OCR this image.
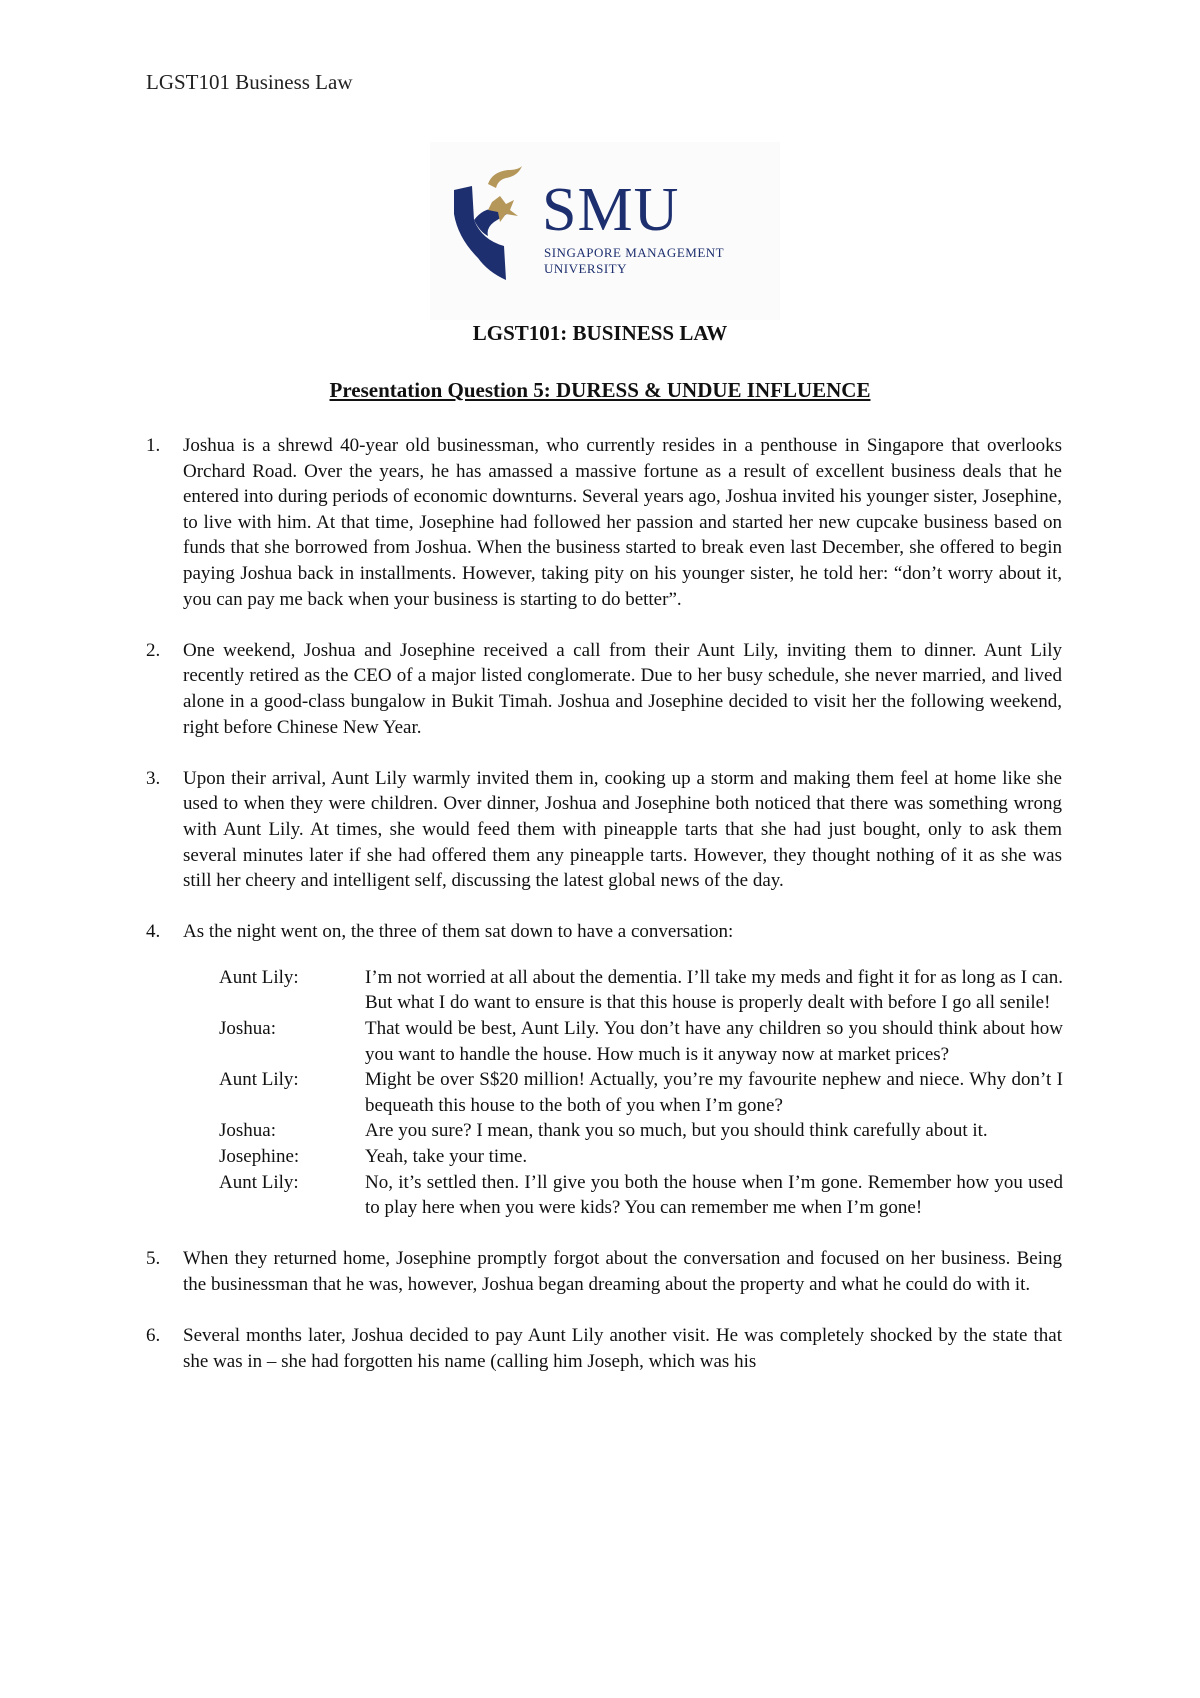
LGST101 Business Law
SMU
SINGAPORE MANAGEMENT
UNIVERSITY
LGST101: BUSINESS LAW
Presentation Question 5: DURESS & UNDUE INFLUENCE
1. Joshua is a shrewd 40-year old businessman, who currently resides in a penthouse in Singapore that overlooks Orchard Road. Over the years, he has amassed a massive fortune as a result of excellent business deals that he entered into during periods of economic downturns. Several years ago, Joshua invited his younger sister, Josephine, to live with him. At that time, Josephine had followed her passion and started her new cupcake business based on funds that she borrowed from Joshua. When the business started to break even last December, she offered to begin paying Joshua back in installments. However, taking pity on his younger sister, he told her: “don’t worry about it, you can pay me back when your business is starting to do better”.
2. One weekend, Joshua and Josephine received a call from their Aunt Lily, inviting them to dinner. Aunt Lily recently retired as the CEO of a major listed conglomerate. Due to her busy schedule, she never married, and lived alone in a good-class bungalow in Bukit Timah. Joshua and Josephine decided to visit her the following weekend, right before Chinese New Year.
3. Upon their arrival, Aunt Lily warmly invited them in, cooking up a storm and making them feel at home like she used to when they were children. Over dinner, Joshua and Josephine both noticed that there was something wrong with Aunt Lily. At times, she would feed them with pineapple tarts that she had just bought, only to ask them several minutes later if she had offered them any pineapple tarts. However, they thought nothing of it as she was still her cheery and intelligent self, discussing the latest global news of the day.
4. As the night went on, the three of them sat down to have a conversation:
Aunt Lily:	I’m not worried at all about the dementia. I’ll take my meds and fight it for as long as I can. But what I do want to ensure is that this house is properly dealt with before I go all senile!
Joshua:	That would be best, Aunt Lily. You don’t have any children so you should think about how you want to handle the house. How much is it anyway now at market prices?
Aunt Lily:	Might be over S$20 million! Actually, you’re my favourite nephew and niece. Why don’t I bequeath this house to the both of you when I’m gone?
Joshua:	Are you sure? I mean, thank you so much, but you should think carefully about it.
Josephine:	Yeah, take your time.
Aunt Lily:	No, it’s settled then. I’ll give you both the house when I’m gone. Remember how you used to play here when you were kids? You can remember me when I’m gone!
5. When they returned home, Josephine promptly forgot about the conversation and focused on her business. Being the businessman that he was, however, Joshua began dreaming about the property and what he could do with it.
6. Several months later, Joshua decided to pay Aunt Lily another visit. He was completely shocked by the state that she was in – she had forgotten his name (calling him Joseph, which was his
